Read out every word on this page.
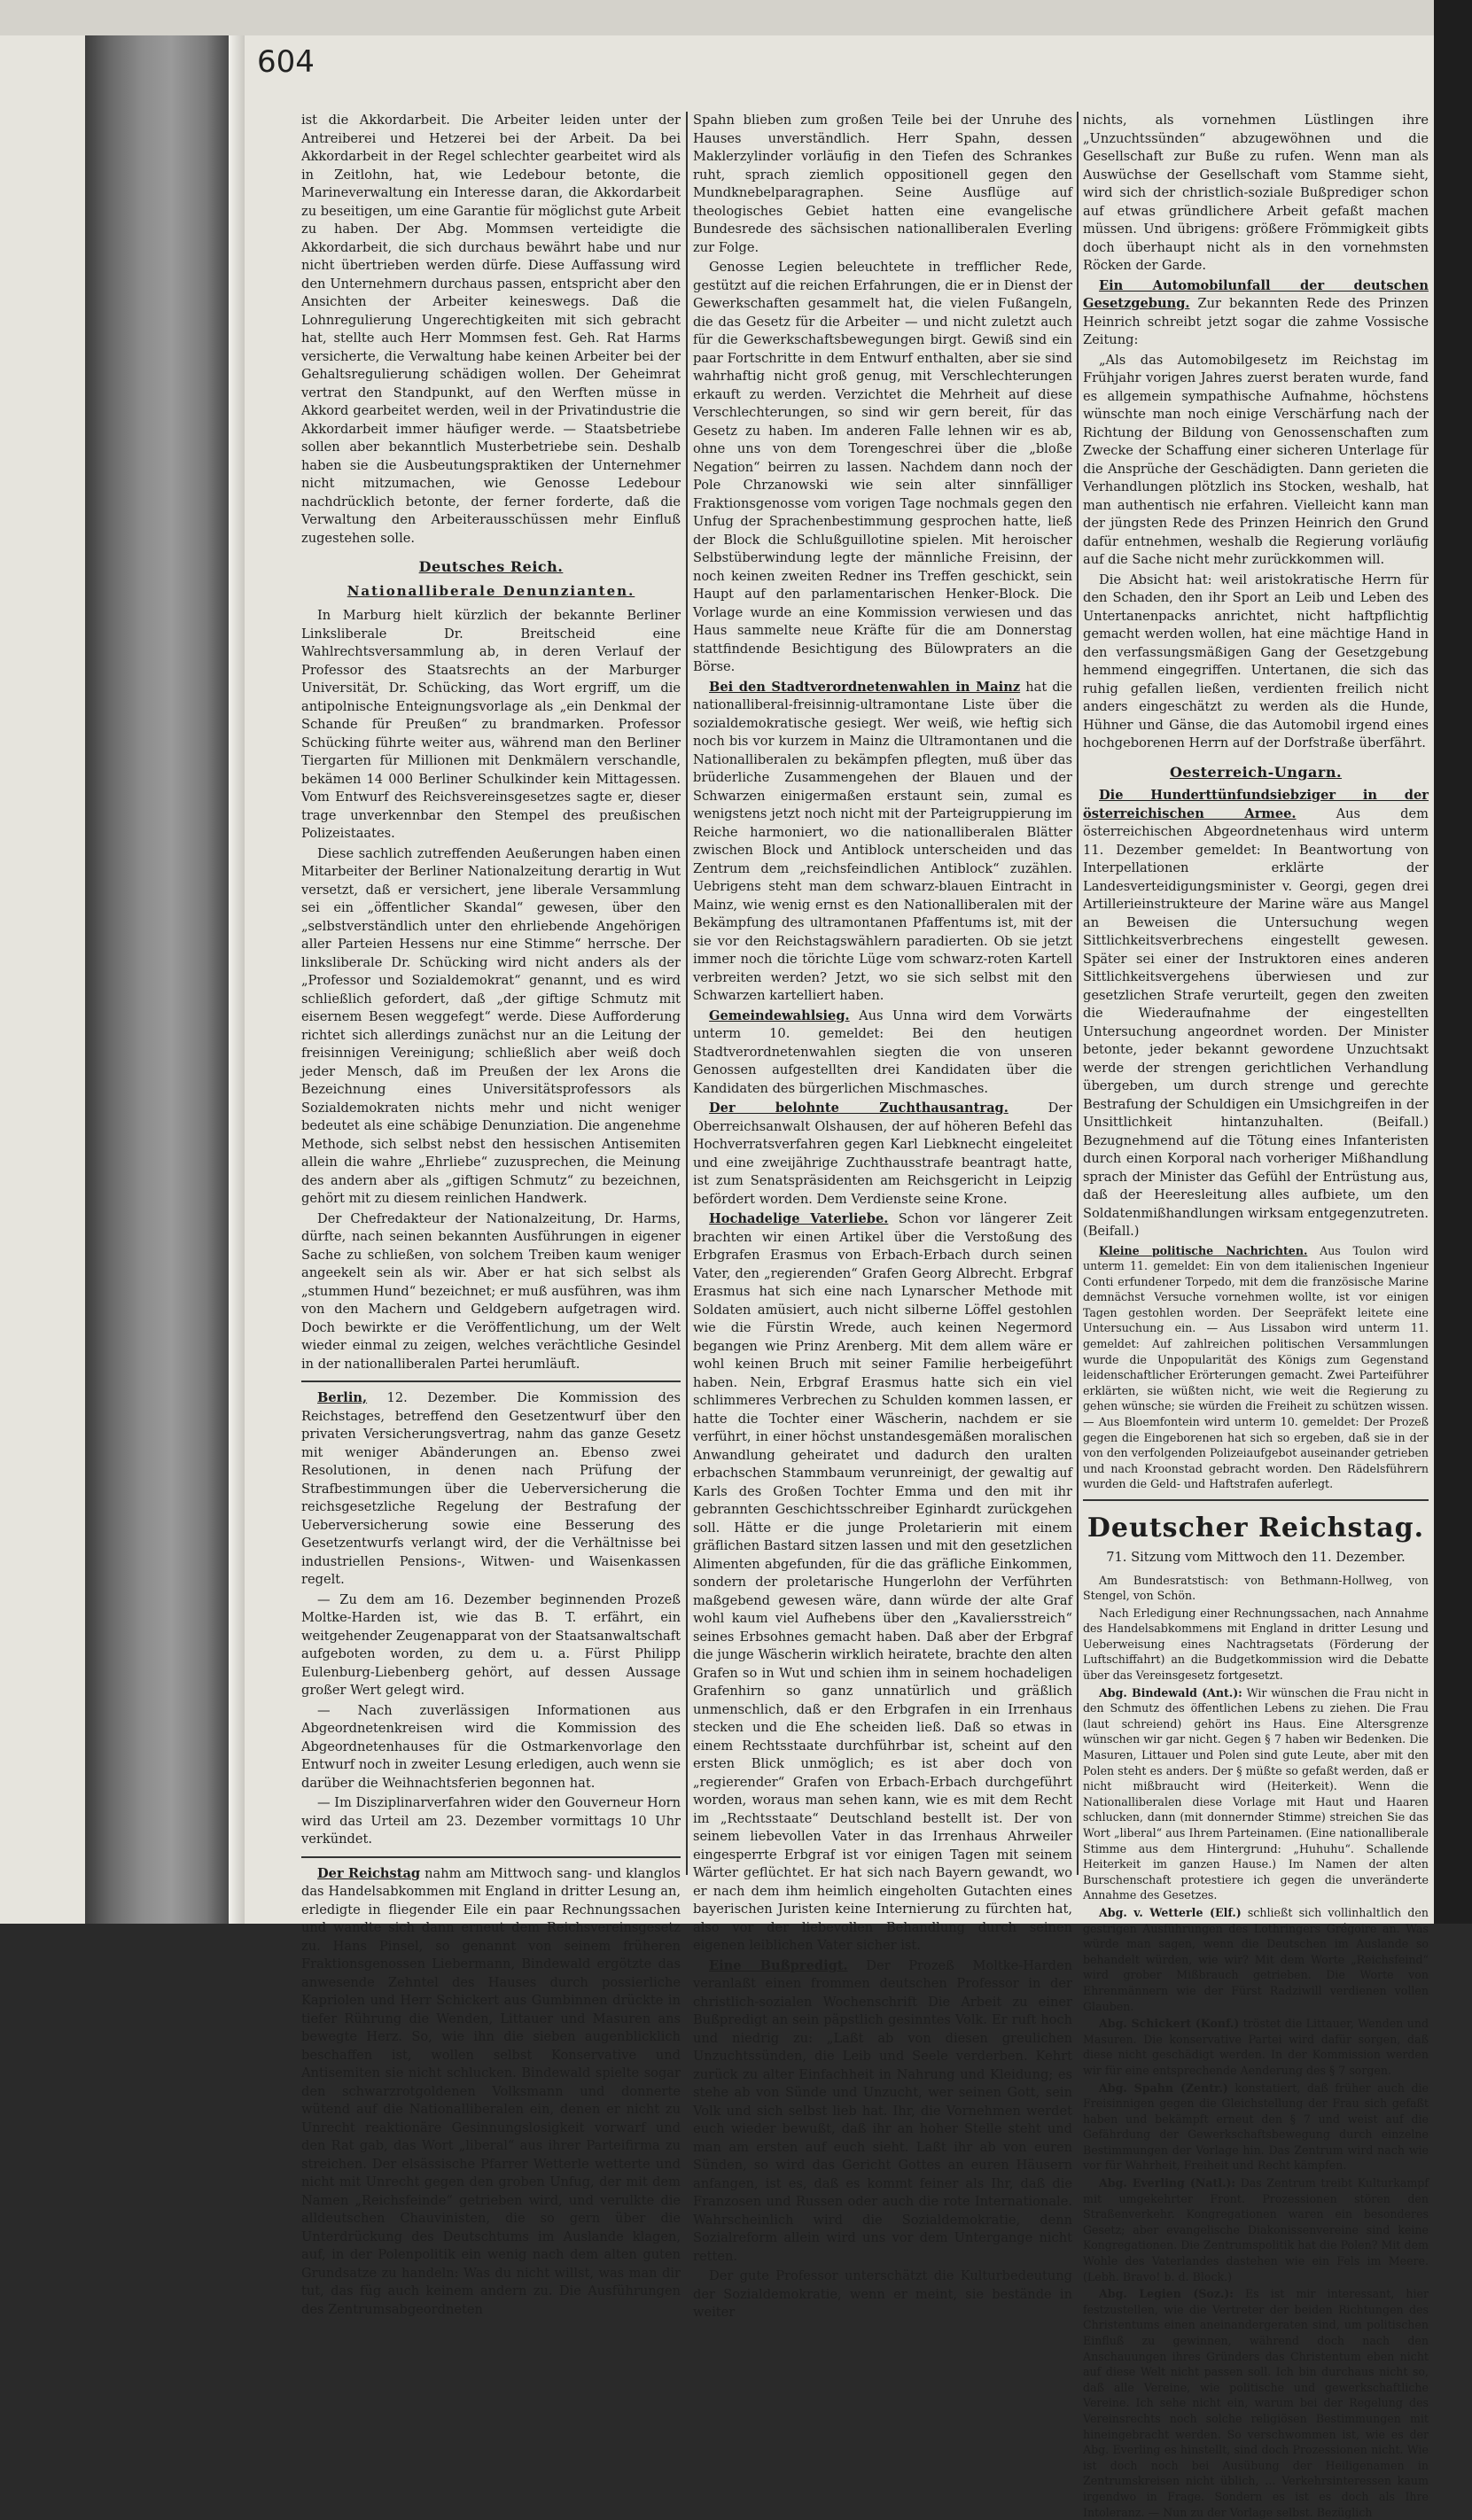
604

ist die Akkordarbeit. Die Arbeiter leiden unter der Antreiberei und Hetzerei bei der Arbeit. Da bei Akkordarbeit in der Regel schlechter gearbeitet wird als in Zeitlohn, hat, wie Ledebour betonte, die Marineverwaltung ein Interesse daran, die Akkordarbeit zu beseitigen, um eine Garantie für möglichst gute Arbeit zu haben. Der Abg. Mommsen verteidigte die Akkordarbeit, die sich durchaus bewährt habe und nur nicht übertrieben werden dürfe. Diese Auffassung wird den Unternehmern durchaus passen, entspricht aber den Ansichten der Arbeiter keineswegs. Daß die Lohnregulierung Ungerechtigkeiten mit sich gebracht hat, stellte auch Herr Mommsen fest. Geh. Rat Harms versicherte, die Verwaltung habe keinen Arbeiter bei der Gehaltsregulierung schädigen wollen. Der Geheimrat vertrat den Standpunkt, auf den Werften müsse in Akkord gearbeitet werden, weil in der Privatindustrie die Akkordarbeit immer häufiger werde. — Staatsbetriebe sollen aber bekanntlich Musterbetriebe sein. Deshalb haben sie die Ausbeutungspraktiken der Unternehmer nicht mitzumachen, wie Genosse Ledebour nachdrücklich betonte, der ferner forderte, daß die Verwaltung den Arbeiterausschüssen mehr Einfluß zugestehen solle.

Deutsches Reich.
Nationalliberale Denunzianten.

In Marburg hielt kürzlich der bekannte Berliner Linksliberale Dr. Breitscheid eine Wahlrechtsversammlung ab, in deren Verlauf der Professor des Staatsrechts an der Marburger Universität, Dr. Schücking, das Wort ergriff, um die antipolnische Enteignungsvorlage als „ein Denkmal der Schande für Preußen“ zu brandmarken. Professor Schücking führte weiter aus, während man den Berliner Tiergarten für Millionen mit Denkmälern verschandle, bekämen 14 000 Berliner Schulkinder kein Mittagessen. Vom Entwurf des Reichsvereinsgesetzes sagte er, dieser trage unverkennbar den Stempel des preußischen Polizeistaates.

Diese sachlich zutreffenden Aeußerungen haben einen Mitarbeiter der Berliner Nationalzeitung derartig in Wut versetzt, daß er versichert, jene liberale Versammlung sei ein „öffentlicher Skandal“ gewesen, über den „selbstverständlich unter den ehrliebende Angehörigen aller Parteien Hessens nur eine Stimme“ herrsche. Der linksliberale Dr. Schücking wird nicht anders als der „Professor und Sozialdemokrat“ genannt, und es wird schließlich gefordert, daß „der giftige Schmutz mit eisernem Besen weggefegt“ werde. Diese Aufforderung richtet sich allerdings zunächst nur an die Leitung der freisinnigen Vereinigung; schließlich aber weiß doch jeder Mensch, daß im Preußen der lex Arons die Bezeichnung eines Universitätsprofessors als Sozialdemokraten nichts mehr und nicht weniger bedeutet als eine schäbige Denunziation. Die angenehme Methode, sich selbst nebst den hessischen Antisemiten allein die wahre „Ehrliebe“ zuzusprechen, die Meinung des andern aber als „giftigen Schmutz“ zu bezeichnen, gehört mit zu diesem reinlichen Handwerk.

Der Chefredakteur der Nationalzeitung, Dr. Harms, dürfte, nach seinen bekannten Ausführungen in eigener Sache zu schließen, von solchem Treiben kaum weniger angeekelt sein als wir. Aber er hat sich selbst als „stummen Hund“ bezeichnet; er muß ausführen, was ihm von den Machern und Geldgebern aufgetragen wird. Doch bewirkte er die Veröffentlichung, um der Welt wieder einmal zu zeigen, welches verächtliche Gesindel in der nationalliberalen Partei herumläuft.

Berlin, 12. Dezember. Die Kommission des Reichstages, betreffend den Gesetzentwurf über den privaten Versicherungsvertrag, nahm das ganze Gesetz mit weniger Abänderungen an. Ebenso zwei Resolutionen, in denen nach Prüfung der Strafbestimmungen über die Ueberversicherung die reichsgesetzliche Regelung der Bestrafung der Ueberversicherung sowie eine Besserung des Gesetzentwurfs verlangt wird, der die Verhältnisse bei industriellen Pensions-, Witwen- und Waisenkassen regelt.

— Zu dem am 16. Dezember beginnenden Prozeß Moltke-Harden ist, wie das B. T. erfährt, ein weitgehender Zeugenapparat von der Staatsanwaltschaft aufgeboten worden, zu dem u. a. Fürst Philipp Eulenburg-Liebenberg gehört, auf dessen Aussage großer Wert gelegt wird.

— Nach zuverlässigen Informationen aus Abgeordnetenkreisen wird die Kommission des Abgeordnetenhauses für die Ostmarkenvorlage den Entwurf noch in zweiter Lesung erledigen, auch wenn sie darüber die Weihnachtsferien begonnen hat.

— Im Disziplinarverfahren wider den Gouverneur Horn wird das Urteil am 23. Dezember vormittags 10 Uhr verkündet.

Der Reichstag nahm am Mittwoch sang- und klanglos das Handelsabkommen mit England in dritter Lesung an, erledigte in fliegender Eile ein paar Rechnungssachen und wandte sich dann erneut dem Reichsvereinsgesetz zu. Hans Pinsel, so genannt von seinem früheren Fraktionsgenossen Liebermann, Bindewald ergötzte das anwesende Zehntel des Hauses durch possierliche Kapriolen und Herr Schickert aus Gumbinnen drückte in tiefer Rührung die Wenden, Littauer und Masuren ans bewegte Herz. So, wie ihn die sieben augenblicklich beschaffen ist, wollen selbst Konservative und Antisemiten sie nicht schlucken. Bindewald spielte sogar den schwarzrotgoldenen Volksmann und donnerte wütend auf die Nationalliberalen ein, denen er nicht zu Unrecht reaktionäre Gesinnungslosigkeit vorwarf und den Rat gab, das Wort „liberal“ aus ihrer Parteifirma zu streichen. Der elsässische Pfarrer Wetterle wetterte und nicht mit Unrecht gegen den groben Unfug, der mit dem Namen „Reichsfeinde“ getrieben wird, und verulkte die alldeutschen Chauvinisten, die so gern über die Unterdrückung des Deutschtums im Auslande klagen, auf, in der Polenpolitik ein wenig nach dem alten guten Grundsatze zu handeln: Was du nicht willst, was man dir tut, das füg auch keinem andern zu. Die Ausführungen des Zentrumsabgeordneten

Spahn blieben zum großen Teile bei der Unruhe des Hauses unverständlich. Herr Spahn, dessen Maklerzylinder vorläufig in den Tiefen des Schrankes ruht, sprach ziemlich oppositionell gegen den Mundknebelparagraphen. Seine Ausflüge auf theologisches Gebiet hatten eine evangelische Bundesrede des sächsischen nationalliberalen Everling zur Folge.

Genosse Legien beleuchtete in trefflicher Rede, gestützt auf die reichen Erfahrungen, die er in Dienst der Gewerkschaften gesammelt hat, die vielen Fußangeln, die das Gesetz für die Arbeiter — und nicht zuletzt auch für die Gewerkschaftsbewegungen birgt. Gewiß sind ein paar Fortschritte in dem Entwurf enthalten, aber sie sind wahrhaftig nicht groß genug, mit Verschlechterungen erkauft zu werden. Verzichtet die Mehrheit auf diese Verschlechterungen, so sind wir gern bereit, für das Gesetz zu haben. Im anderen Falle lehnen wir es ab, ohne uns von dem Torengeschrei über die „bloße Negation“ beirren zu lassen. Nachdem dann noch der Pole Chrzanowski wie sein alter sinnfälliger Fraktionsgenosse vom vorigen Tage nochmals gegen den Unfug der Sprachenbestimmung gesprochen hatte, ließ der Block die Schlußguillotine spielen. Mit heroischer Selbstüberwindung legte der männliche Freisinn, der noch keinen zweiten Redner ins Treffen geschickt, sein Haupt auf den parlamentarischen Henker-Block. Die Vorlage wurde an eine Kommission verwiesen und das Haus sammelte neue Kräfte für die am Donnerstag stattfindende Besichtigung des Bülowpraters an die Börse.

Bei den Stadtverordnetenwahlen in Mainz hat die nationalliberal-freisinnig-ultramontane Liste über die sozialdemokratische gesiegt. Wer weiß, wie heftig sich noch bis vor kurzem in Mainz die Ultramontanen und die Nationalliberalen zu bekämpfen pflegten, muß über das brüderliche Zusammengehen der Blauen und der Schwarzen einigermaßen erstaunt sein, zumal es wenigstens jetzt noch nicht mit der Parteigruppierung im Reiche harmoniert, wo die nationalliberalen Blätter zwischen Block und Antiblock unterscheiden und das Zentrum dem „reichsfeindlichen Antiblock“ zuzählen. Uebrigens steht man dem schwarz-blauen Eintracht in Mainz, wie wenig ernst es den Nationalliberalen mit der Bekämpfung des ultramontanen Pfaffentums ist, mit der sie vor den Reichstagswählern paradierten. Ob sie jetzt immer noch die törichte Lüge vom schwarz-roten Kartell verbreiten werden? Jetzt, wo sie sich selbst mit den Schwarzen kartelliert haben.

Gemeindewahlsieg. Aus Unna wird dem Vorwärts unterm 10. gemeldet: Bei den heutigen Stadtverordnetenwahlen siegten die von unseren Genossen aufgestellten drei Kandidaten über die Kandidaten des bürgerlichen Mischmasches.

Der belohnte Zuchthausantrag. Der Oberreichsanwalt Olshausen, der auf höheren Befehl das Hochverratsverfahren gegen Karl Liebknecht eingeleitet und eine zweijährige Zuchthausstrafe beantragt hatte, ist zum Senatspräsidenten am Reichsgericht in Leipzig befördert worden. Dem Verdienste seine Krone.

Hochadelige Vaterliebe. Schon vor längerer Zeit brachten wir einen Artikel über die Verstoßung des Erbgrafen Erasmus von Erbach-Erbach durch seinen Vater, den „regierenden“ Grafen Georg Albrecht. Erbgraf Erasmus hat sich eine nach Lynarscher Methode mit Soldaten amüsiert, auch nicht silberne Löffel gestohlen wie die Fürstin Wrede, auch keinen Negermord begangen wie Prinz Arenberg. Mit dem allem wäre er wohl keinen Bruch mit seiner Familie herbeigeführt haben. Nein, Erbgraf Erasmus hatte sich ein viel schlimmeres Verbrechen zu Schulden kommen lassen, er hatte die Tochter einer Wäscherin, nachdem er sie verführt, in einer höchst unstandesgemäßen moralischen Anwandlung geheiratet und dadurch den uralten erbachschen Stammbaum verunreinigt, der gewaltig auf Karls des Großen Tochter Emma und den mit ihr gebrannten Geschichtsschreiber Eginhardt zurückgehen soll. Hätte er die junge Proletarierin mit einem gräflichen Bastard sitzen lassen und mit den gesetzlichen Alimenten abgefunden, für die das gräfliche Einkommen, sondern der proletarische Hungerlohn der Verführten maßgebend gewesen wäre, dann würde der alte Graf wohl kaum viel Aufhebens über den „Kavaliersstreich“ seines Erbsohnes gemacht haben. Daß aber der Erbgraf die junge Wäscherin wirklich heiratete, brachte den alten Grafen so in Wut und schien ihm in seinem hochadeligen Grafenhirn so ganz unnatürlich und gräßlich unmenschlich, daß er den Erbgrafen in ein Irrenhaus stecken und die Ehe scheiden ließ. Daß so etwas in einem Rechtsstaate durchführbar ist, scheint auf den ersten Blick unmöglich; es ist aber doch von „regierender“ Grafen von Erbach-Erbach durchgeführt worden, woraus man sehen kann, wie es mit dem Recht im „Rechtsstaate“ Deutschland bestellt ist. Der von seinem liebevollen Vater in das Irrenhaus Ahrweiler eingesperrte Erbgraf ist vor einigen Tagen mit seinem Wärter geflüchtet. Er hat sich nach Bayern gewandt, wo er nach dem ihm heimlich eingeholten Gutachten eines bayerischen Juristen keine Internierung zu fürchten hat, also vor der liebevollen Behandlung durch seinen eigenen leiblichen Vater sicher ist.

Eine Bußpredigt. Der Prozeß Moltke-Harden veranlaßt einen frommen deutschen Professor in der christlich-sozialen Wochenschrift Die Arbeit zu einer Bußpredigt an sein päpstlich gesinntes Volk. Er ruft hoch und niedrig zu: „Laßt ab von diesen greulichen Unzuchtssünden, die Leib und Seele verderben. Kehrt zurück zu alter Einfachheit in Nahrung und Kleidung; es stehe ab von Sünde und Unzucht, wer seinen Gott, sein Volk und sich selbst lieb hat. Ihr, die Vornehmen werdet euch wieder bewußt, daß ihr an hoher Stelle steht und man am ersten auf euch sieht. Laßt ihr ab von euren Sünden, so wird das Gericht Gottes an euren Häusern anfangen, ist es, daß es kommt feiner als Ihr, daß die Franzosen und Russen oder auch die rote Internationale. Wahrscheinlich wird die Sozialdemokratie, denn Sozialreform allein wird uns vor dem Untergange nicht retten.

Der gute Professor unterschätzt die Kulturbedeutung der Sozialdemokratie, wenn er meint, sie bestände in weiter

nichts, als vornehmen Lüstlingen ihre „Unzuchtssünden“ abzugewöhnen und die Gesellschaft zur Buße zu rufen. Wenn man als Auswüchse der Gesellschaft vom Stamme sieht, wird sich der christlich-soziale Bußprediger schon auf etwas gründlichere Arbeit gefaßt machen müssen. Und übrigens: größere Frömmigkeit gibts doch überhaupt nicht als in den vornehmsten Röcken der Garde.

Ein Automobilunfall der deutschen Gesetzgebung. Zur bekannten Rede des Prinzen Heinrich schreibt jetzt sogar die zahme Vossische Zeitung:

„Als das Automobilgesetz im Reichstag im Frühjahr vorigen Jahres zuerst beraten wurde, fand es allgemein sympathische Aufnahme, höchstens wünschte man noch einige Verschärfung nach der Richtung der Bildung von Genossenschaften zum Zwecke der Schaffung einer sicheren Unterlage für die Ansprüche der Geschädigten. Dann gerieten die Verhandlungen plötzlich ins Stocken, weshalb, hat man authentisch nie erfahren. Vielleicht kann man der jüngsten Rede des Prinzen Heinrich den Grund dafür entnehmen, weshalb die Regierung vorläufig auf die Sache nicht mehr zurückkommen will.

Die Absicht hat: weil aristokratische Herrn für den Schaden, den ihr Sport an Leib und Leben des Untertanenpacks anrichtet, nicht haftpflichtig gemacht werden wollen, hat eine mächtige Hand in den verfassungsmäßigen Gang der Gesetzgebung hemmend eingegriffen. Untertanen, die sich das ruhig gefallen ließen, verdienten freilich nicht anders eingeschätzt zu werden als die Hunde, Hühner und Gänse, die das Automobil irgend eines hochgeborenen Herrn auf der Dorfstraße überfährt.

Oesterreich-Ungarn.

Die Hunderttünfundsiebziger in der österreichischen Armee. Aus dem österreichischen Abgeordnetenhaus wird unterm 11. Dezember gemeldet: In Beantwortung von Interpellationen erklärte der Landesverteidigungsminister v. Georgi, gegen drei Artillerieinstrukteure der Marine wäre aus Mangel an Beweisen die Untersuchung wegen Sittlichkeitsverbrechens eingestellt gewesen. Später sei einer der Instruktoren eines anderen Sittlichkeitsvergehens überwiesen und zur gesetzlichen Strafe verurteilt, gegen den zweiten die Wiederaufnahme der eingestellten Untersuchung angeordnet worden. Der Minister betonte, jeder bekannt gewordene Unzuchtsakt werde der strengen gerichtlichen Verhandlung übergeben, um durch strenge und gerechte Bestrafung der Schuldigen ein Umsichgreifen in der Unsittlichkeit hintanzuhalten. (Beifall.) Bezugnehmend auf die Tötung eines Infanteristen durch einen Korporal nach vorheriger Mißhandlung sprach der Minister das Gefühl der Entrüstung aus, daß der Heeresleitung alles aufbiete, um den Soldatenmißhandlungen wirksam entgegenzutreten. (Beifall.)

Kleine politische Nachrichten. Aus Toulon wird unterm 11. gemeldet: Ein von dem italienischen Ingenieur Conti erfundener Torpedo, mit dem die französische Marine demnächst Versuche vornehmen wollte, ist vor einigen Tagen gestohlen worden. Der Seepräfekt leitete eine Untersuchung ein. — Aus Lissabon wird unterm 11. gemeldet: Auf zahlreichen politischen Versammlungen wurde die Unpopularität des Königs zum Gegenstand leidenschaftlicher Erörterungen gemacht. Zwei Parteiführer erklärten, sie wüßten nicht, wie weit die Regierung zu gehen wünsche; sie würden die Freiheit zu schützen wissen. — Aus Bloemfontein wird unterm 10. gemeldet: Der Prozeß gegen die Eingeborenen hat sich so ergeben, daß sie in der von den verfolgenden Polizeiaufgebot auseinander getrieben und nach Kroonstad gebracht worden. Den Rädelsführern wurden die Geld- und Haftstrafen auferlegt.

Deutscher Reichstag.
71. Sitzung vom Mittwoch den 11. Dezember.

Am Bundesratstisch: von Bethmann-Hollweg, von Stengel, von Schön.

Nach Erledigung einer Rechnungssachen, nach Annahme des Handelsabkommens mit England in dritter Lesung und Ueberweisung eines Nachtragsetats (Förderung der Luftschiffahrt) an die Budgetkommission wird die Debatte über das Vereinsgesetz fortgesetzt.

Abg. Bindewald (Ant.): Wir wünschen die Frau nicht in den Schmutz des öffentlichen Lebens zu ziehen. Die Frau (laut schreiend) gehört ins Haus. Eine Altersgrenze wünschen wir gar nicht. Gegen § 7 haben wir Bedenken. Die Masuren, Littauer und Polen sind gute Leute, aber mit den Polen steht es anders. Der § müßte so gefaßt werden, daß er nicht mißbraucht wird (Heiterkeit). Wenn die Nationalliberalen diese Vorlage mit Haut und Haaren schlucken, dann (mit donnernder Stimme) streichen Sie das Wort „liberal“ aus Ihrem Parteinamen. (Eine nationalliberale Stimme aus dem Hintergrund: „Huhuhu“. Schallende Heiterkeit im ganzen Hause.) Im Namen der alten Burschenschaft protestiere ich gegen die unveränderte Annahme des Gesetzes.

Abg. v. Wetterle (Elf.) schließt sich vollinhaltlich den gestrigen Ausführungen des Lothringers Grégoire an. Was würde man sagen, wenn die Deutschen im Auslande so behandelt würden, wie wir? Mit dem Worte „Reichsfeind“ wird grober Mißbrauch getrieben. Die Worte von Ehrenmännern wie der Fürst Radziwill verdienen vollen Glauben.

Abg. Schickert (Konf.) tröstet die Littauer, Wenden und Masuren. Die konservative Partei wird dafür sorgen, daß diese nicht geschädigt werden. In der Kommission werden wir für eine entsprechende Aenderung des § 7 sorgen.

Abg. Spahn (Zentr.) konstatiert, daß früher auch die Freisinnigen gegen die Gleichstellung der Frau sich gefaßt haben und bekämpft erneut den § 7 und weist auf die Gefährdung der Gewerkschaftsbewegung durch einzelne Bestimmungen der Vorlage hin. Das Zentrum wird nach wie vor für Wahrheit, Freiheit und Recht kämpfen.

Abg. Everling (Natl.): Das Zentrum treibt Kulturkampf mit umgekehrter Front. Prozessionen stören den Straßenverkehr. Kongregationen waren ein besonderes Gesetz; aber evangelische Diakonissenvereine sind keine Kongregationen. Die Zentrumspolitik hat die Polen? Mit dem Wohle des Vaterlandes dastehen wie ein Fels im Meere. (Lebh. Bravo! b. d. Block.)

Abg. Legien (Soz.): Es ist mir interessant, hier festzustellen, wie die Vertreter der beiden Richtungen des Christentums einen aneinandergeraten sind, um politischen Einfluß zu gewinnen, während doch nach den Anschauungen ihres Gründers das Christentum eben nicht auf diese Welt nicht passen soll. Ich bin durchaus nicht so, daß alle Vereine, wie politische und gewerkschaftliche Vereine. Ich sehe nicht ein, warum bei der Regelung des Vereinsrechts noch solche religiösen Bestimmungen mit hineingebracht werden. So verschwommen ist, wie es der Abg. Everling es hinstellt, sind doch Prozessionen nicht. Wie ist doch noch bei Ausübung der Heiligenamen in Zentrumskreisen nicht üblich, ... Verkehrsinteressen kaum irgendwo in Frage. Sondern es ist es doch als Ihre Intoleranz. — Nun zu der Vorlage selbst. Bezüglich
